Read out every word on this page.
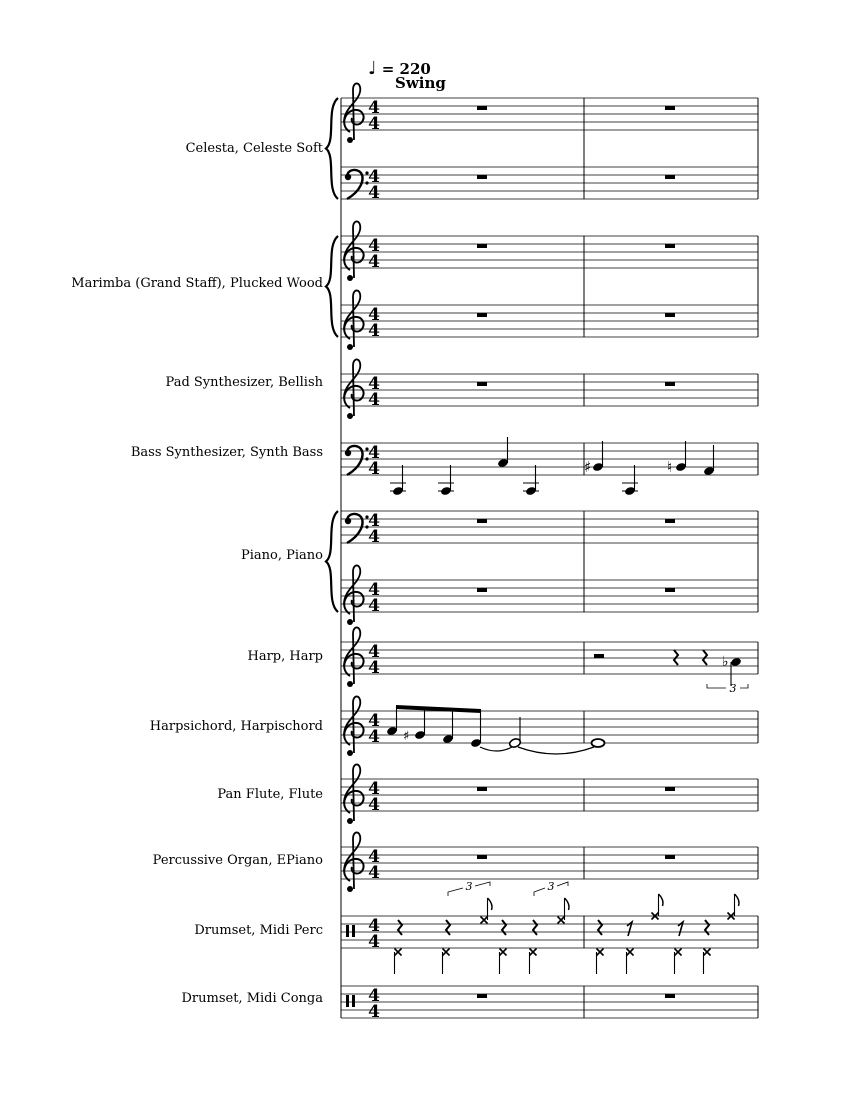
♩ = 220
Swing
Celesta, Celeste Soft
Marimba (Grand Staff), Plucked Wood
Pad Synthesizer, Bellish
Bass Synthesizer, Synth Bass
Piano, Piano
Harp, Harp
Harpsichord, Harpischord
Pan Flute, Flute
Percussive Organ, EPiano
Drumset, Midi Perc
Drumset, Midi Conga
4
4
4
4
4
4
4
4
4
4
4
4
4
4
4
4
4
4
4
4
4
4
4
4
4
4
4
4
♯	♮
♭
3
♯
3	3
